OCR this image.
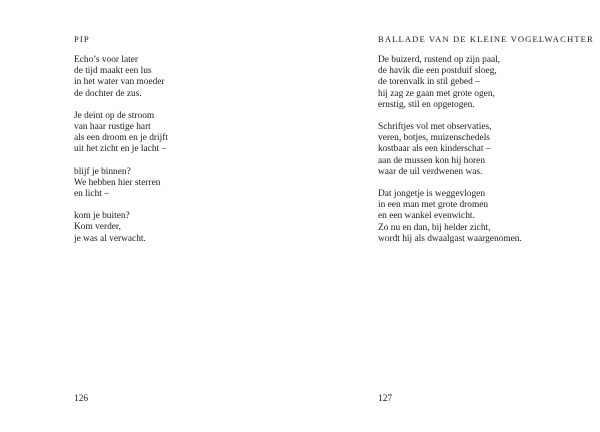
PIP
Echo’s voor later
de tijd maakt een lus
in het water van moeder
de dochter de zus.
Je deint op de stroom
van haar rustige hart
als een droom en je drijft
uit het zicht en je lacht –
blijf je binnen?
We hebben hier sterren
en licht –
kom je buiten?
Kom verder,
je was al verwacht.
126
BALLADE VAN DE KLEINE VOGELWACHTER
De buizerd, rustend op zijn paal,
de havik die een postduif sloeg,
de torenvalk in stil gebed –
hij zag ze gaan met grote ogen,
ernstig, stil en opgetogen.
Schriftjes vol met observaties,
veren, botjes, muizenschedels
kostbaar als een kinderschat –
aan de mussen kon hij horen
waar de uil verdwenen was.
Dat jongetje is weggevlogen
in een man met grote dromen
en een wankel evenwicht.
Zo nu en dan, bij helder zicht,
wordt hij als dwaalgast waargenomen.
127
